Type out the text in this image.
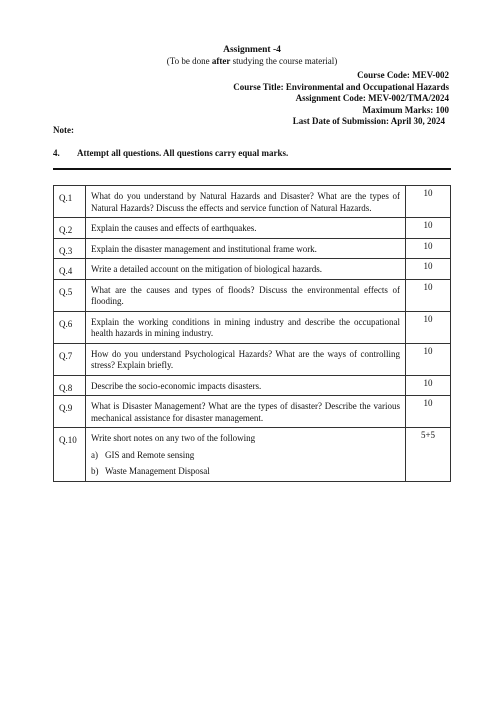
Assignment -4
(To be done after studying the course material)
Course Code: MEV-002
Course Title: Environmental and Occupational Hazards
Assignment Code: MEV-002/TMA/2024
Maximum Marks: 100
Last Date of Submission: April 30, 2024
Note:
4. Attempt all questions. All questions carry equal marks.
Q.1	What do you understand by Natural Hazards and Disaster? What are the types of Natural Hazards? Discuss the effects and service function of Natural Hazards.	10
Q.2	Explain the causes and effects of earthquakes.	10
Q.3	Explain the disaster management and institutional frame work.	10
Q.4	Write a detailed account on the mitigation of biological hazards.	10
Q.5	What are the causes and types of floods? Discuss the environmental effects of flooding.	10
Q.6	Explain the working conditions in mining industry and describe the occupational health hazards in mining industry.	10
Q.7	How do you understand Psychological Hazards? What are the ways of controlling stress? Explain briefly.	10
Q.8	Describe the socio-economic impacts disasters.	10
Q.9	What is Disaster Management? What are the types of disaster? Describe the various mechanical assistance for disaster management.	10
Q.10	Write short notes on any two of the following
a) GIS and Remote sensing
b) Waste Management Disposal	5+5
